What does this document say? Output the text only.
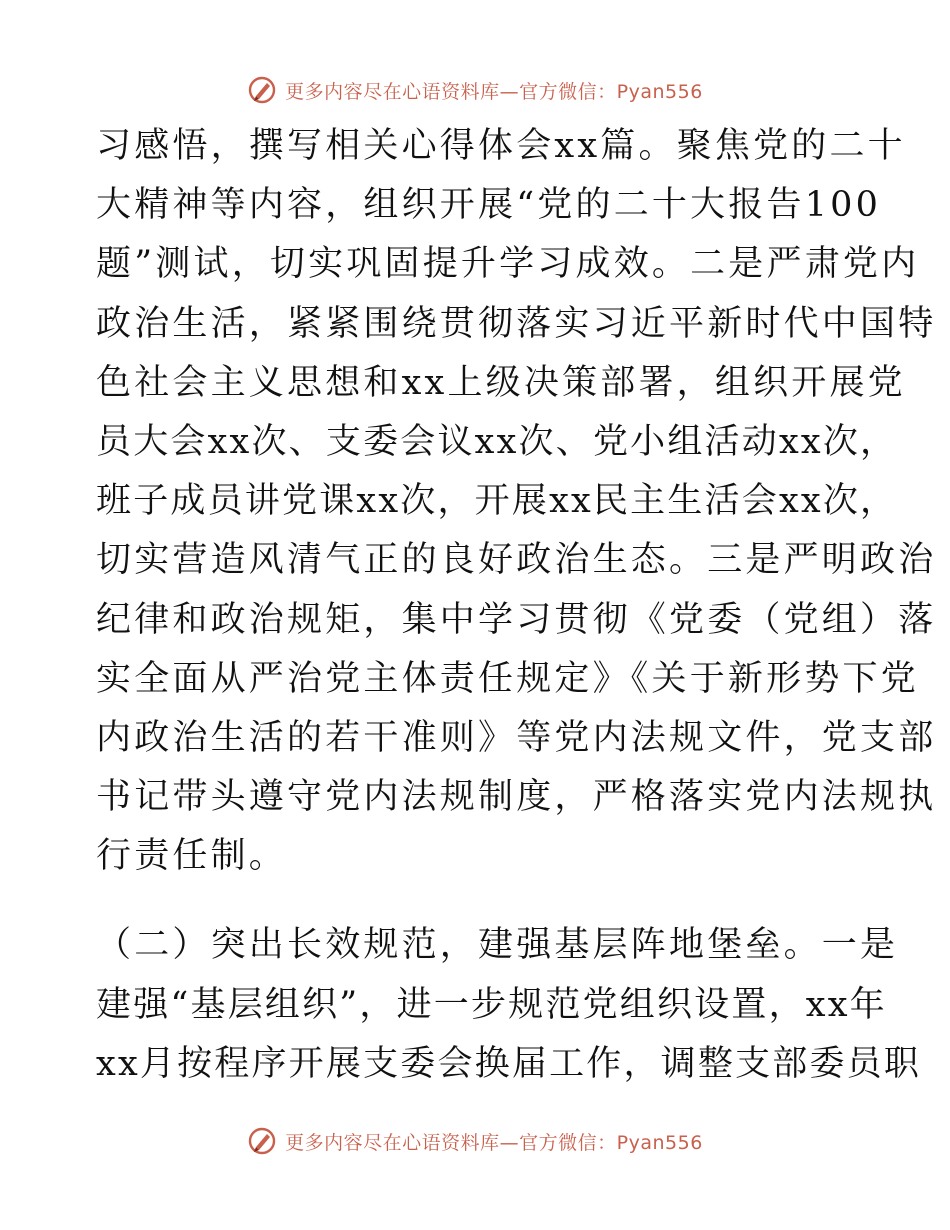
更多内容尽在心语资料库—官方微信：Pyan556
习感悟，撰写相关心得体会xx篇。聚焦党的二十
大精神等内容，组织开展“党的二十大报告100
题”测试，切实巩固提升学习成效。二是严肃党内
政治生活，紧紧围绕贯彻落实习近平新时代中国特
色社会主义思想和xx上级决策部署，组织开展党
员大会xx次、支委会议xx次、党小组活动xx次，
班子成员讲党课xx次，开展xx民主生活会xx次，
切实营造风清气正的良好政治生态。三是严明政治
纪律和政治规矩，集中学习贯彻《党委（党组）落
实全面从严治党主体责任规定》《关于新形势下党
内政治生活的若干准则》等党内法规文件，党支部
书记带头遵守党内法规制度，严格落实党内法规执
行责任制。
（二）突出长效规范，建强基层阵地堡垒。一是
建强“基层组织”，进一步规范党组织设置，xx年
xx月按程序开展支委会换届工作，调整支部委员职
更多内容尽在心语资料库—官方微信：Pyan556
